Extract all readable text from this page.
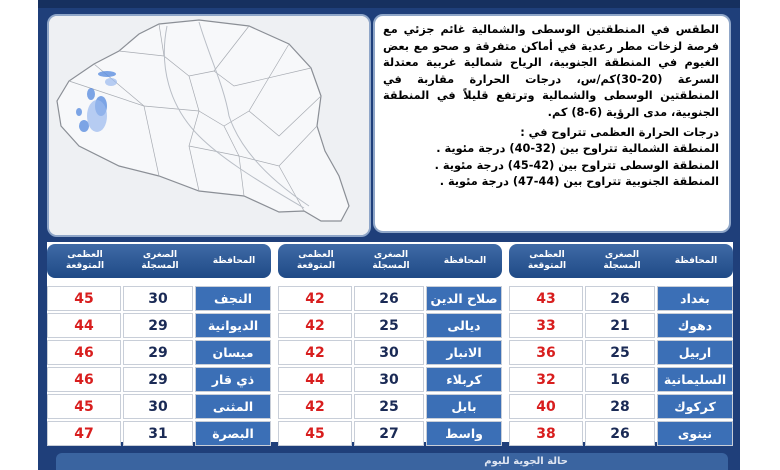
الطقس في المنطقتين الوسطى والشمالية غائم جزئي مع فرصة لزخات مطر رعدية في أماكن متفرقة و صحو مع بعض الغيوم في المنطقة الجنوبية، الرياح شمالية غربية معتدلة السرعة (20-30)كم/س، درجات الحرارة مقاربة في المنطقتين الوسطى والشمالية وترتفع قليلاً في المنطقة الجنوبية، مدى الرؤية (6-8) كم.

درجات الحرارة العظمى تتراوح في :

المنطقة الشمالية تتراوح بين (32-40) درجة مئوية .

المنطقة الوسطى تتراوح بين (42-45) درجة مئوية .

المنطقة الجنوبية تتراوح بين (44-47) درجة مئوية .

المحافظة
الصغرى المسجلة
العظمى المتوقعة
بغداد
26
43
دهوك
21
33
اربيل
25
36
السليمانية
16
32
كركوك
28
40
نينوى
26
38
المحافظة
الصغرى المسجلة
العظمى المتوقعة
صلاح الدين
26
42
ديالى
25
42
الانبار
30
42
كربلاء
30
44
بابل
25
42
واسط
27
45
المحافظة
الصغرى المسجلة
العظمى المتوقعة
النجف
30
45
الديوانية
29
44
ميسان
29
46
ذي قار
29
46
المثنى
30
45
البصرة
31
47
حالة الجوية لليوم
